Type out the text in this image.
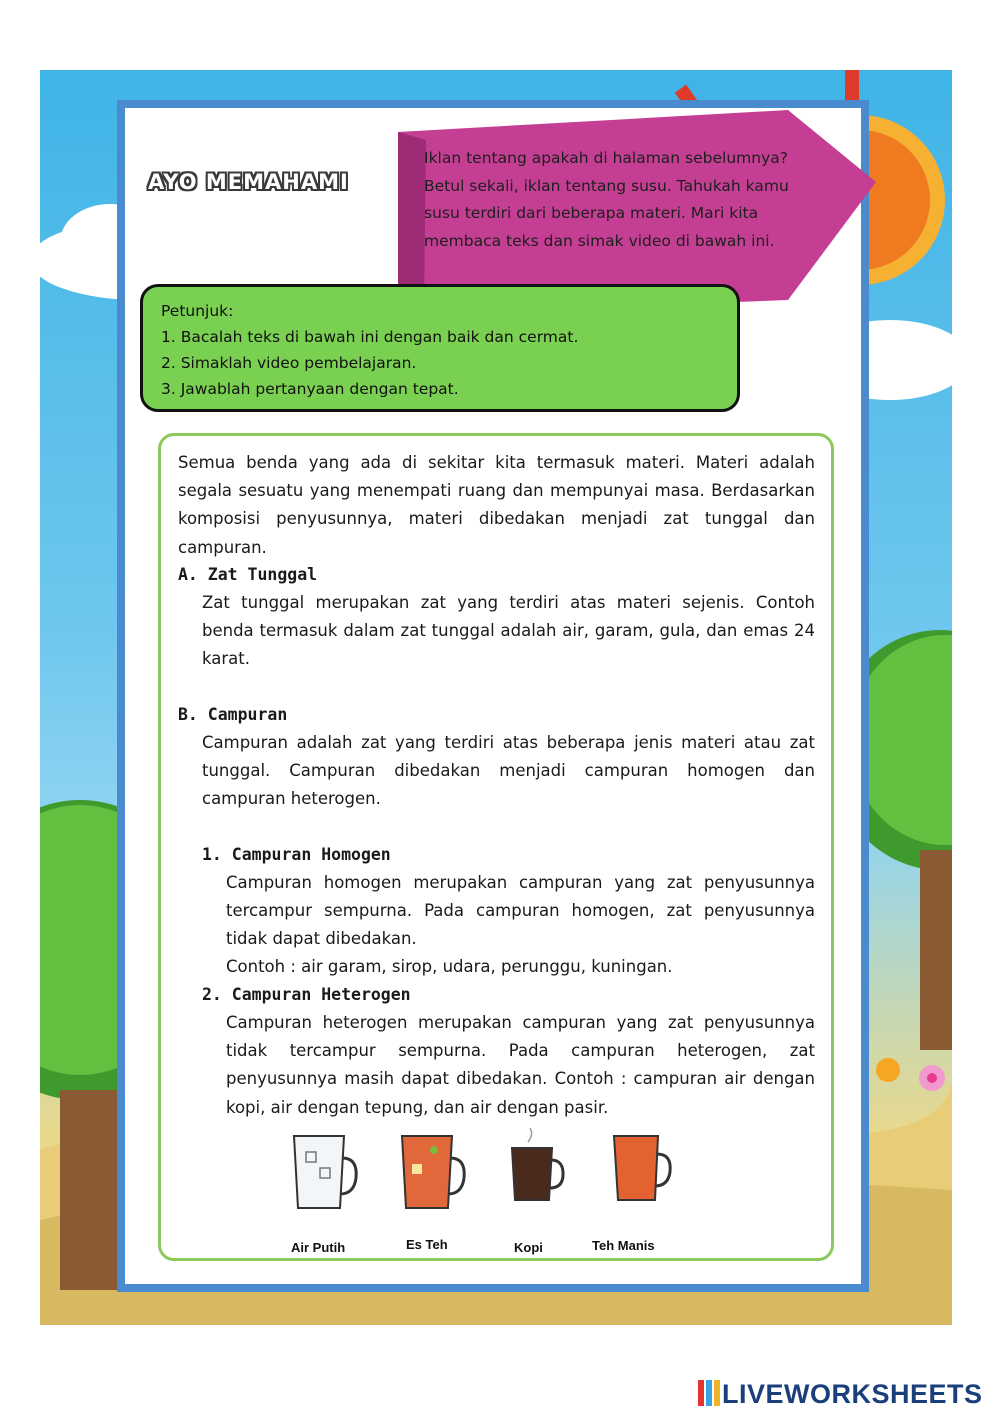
AYO MEMAHAMI
Iklan tentang apakah di halaman sebelumnya? Betul sekali, iklan tentang susu. Tahukah kamu susu terdiri dari beberapa materi. Mari kita membaca teks dan simak video di bawah ini.
Petunjuk:
1. Bacalah teks di bawah ini dengan baik dan cermat.
2. Simaklah video pembelajaran.
3. Jawablah pertanyaan dengan tepat.

Semua benda yang ada di sekitar kita termasuk materi. Materi adalah segala sesuatu yang menempati ruang dan mempunyai masa. Berdasarkan komposisi penyusunnya, materi dibedakan menjadi zat tunggal dan campuran.

A. Zat Tunggal

Zat tunggal merupakan zat yang terdiri atas materi sejenis. Contoh benda termasuk dalam zat tunggal adalah air, garam, gula, dan emas 24 karat.

B. Campuran

Campuran adalah zat yang terdiri atas beberapa jenis materi atau zat tunggal. Campuran dibedakan menjadi campuran homogen dan campuran heterogen.

1. Campuran Homogen

Campuran homogen merupakan campuran yang zat penyusunnya tercampur sempurna. Pada campuran homogen, zat penyusunnya tidak dapat dibedakan.

Contoh : air garam, sirop, udara, perunggu, kuningan.

2. Campuran Heterogen

Campuran heterogen merupakan campuran yang zat penyusunnya tidak tercampur sempurna. Pada campuran heterogen, zat penyusunnya masih dapat dibedakan. Contoh : campuran air dengan kopi, air dengan tepung, dan air dengan pasir.

Air Putih	Es Teh	Kopi	Teh Manis
LIVEWORKSHEETS
